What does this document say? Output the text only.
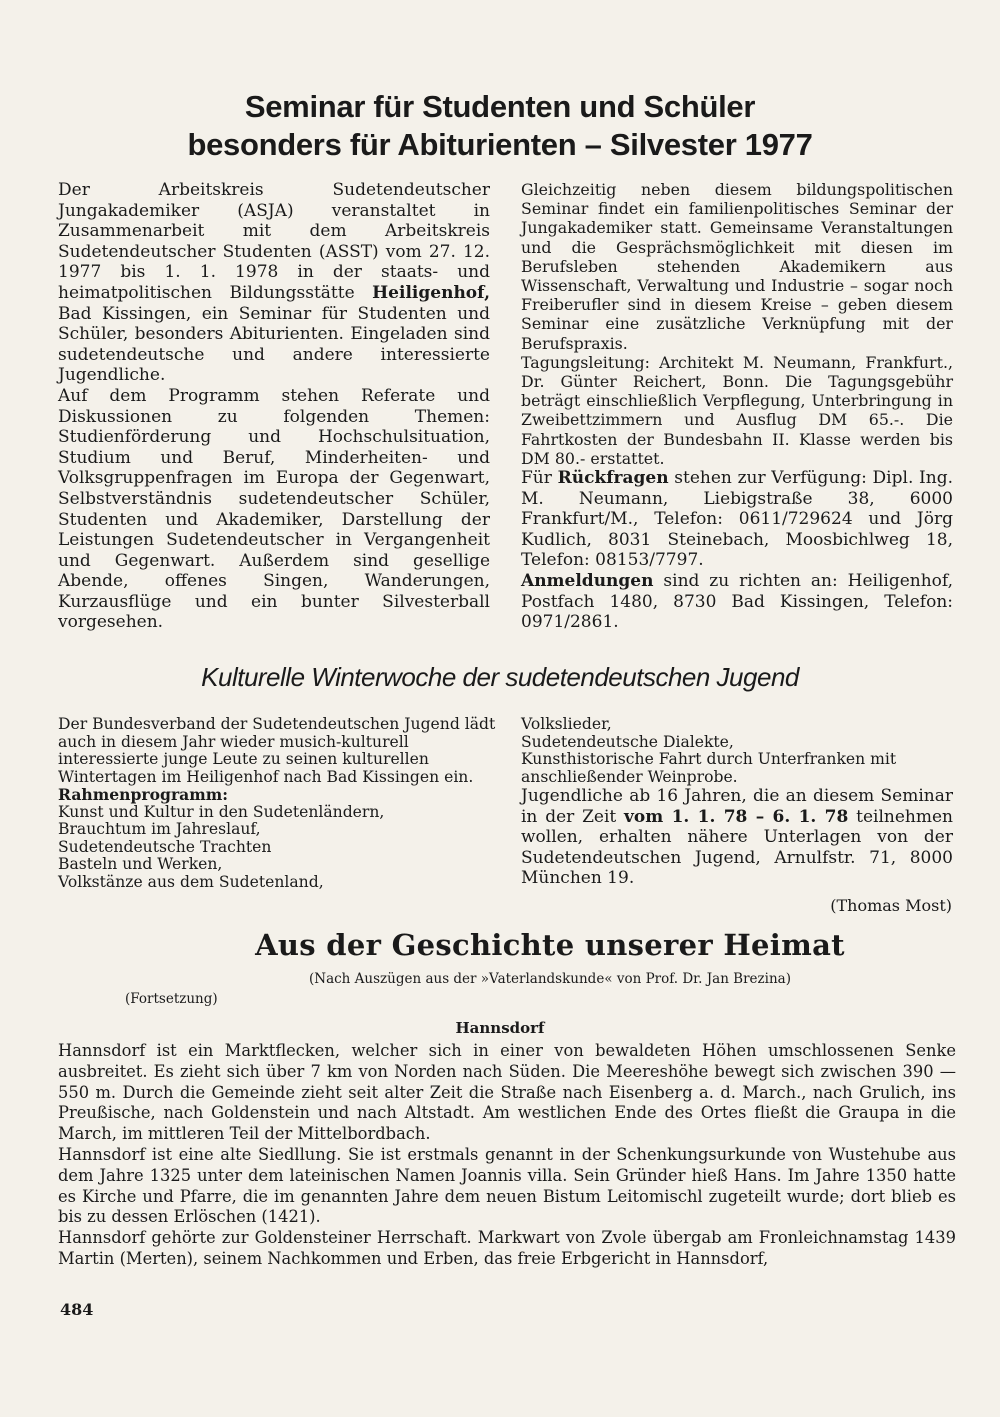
Seminar für Studenten und Schüler
besonders für Abiturienten – Silvester 1977

Der Arbeitskreis Sudetendeutscher Jungakademiker (ASJA) veranstaltet in Zusammenarbeit mit dem Arbeitskreis Sudetendeutscher Studenten (ASST) vom 27. 12. 1977 bis 1. 1. 1978 in der staats- und heimatpolitischen Bildungsstätte Heiligenhof, Bad Kissingen, ein Seminar für Studenten und Schüler, besonders Abiturienten. Eingeladen sind sudetendeutsche und andere interessierte Jugendliche.

Auf dem Programm stehen Referate und Diskussionen zu folgenden Themen: Studienförderung und Hochschulsituation, Studium und Beruf, Minderheiten- und Volksgruppenfragen im Europa der Gegenwart, Selbstverständnis sudetendeutscher Schüler, Studenten und Akademiker, Darstellung der Leistungen Sudetendeutscher in Vergangenheit und Gegenwart. Außerdem sind gesellige Abende, offenes Singen, Wanderungen, Kurzausflüge und ein bunter Silvesterball vorgesehen.

Gleichzeitig neben diesem bildungspolitischen Seminar findet ein familienpolitisches Seminar der Jungakademiker statt. Gemeinsame Veranstaltungen und die Gesprächsmöglichkeit mit diesen im Berufsleben stehenden Akademikern aus Wissenschaft, Verwaltung und Industrie – sogar noch Freiberufler sind in diesem Kreise – geben diesem Seminar eine zusätzliche Verknüpfung mit der Berufspraxis.

Tagungsleitung: Architekt M. Neumann, Frankfurt., Dr. Günter Reichert, Bonn. Die Tagungsgebühr beträgt einschließlich Verpflegung, Unterbringung in Zweibettzimmern und Ausflug DM 65.-. Die Fahrtkosten der Bundesbahn II. Klasse werden bis DM 80.- erstattet.

Für Rückfragen stehen zur Verfügung: Dipl. Ing. M. Neumann, Liebigstraße 38, 6000 Frankfurt/M., Telefon: 0611/729624 und Jörg Kudlich, 8031 Steinebach, Moosbichlweg 18, Telefon: 08153/7797.

Anmeldungen sind zu richten an: Heiligenhof, Postfach 1480, 8730 Bad Kissingen, Telefon: 0971/2861.

Kulturelle Winterwoche der sudetendeutschen Jugend

Der Bundesverband der Sudetendeutschen Jugend lädt auch in diesem Jahr wieder musich-kulturell interessierte junge Leute zu seinen kulturellen Wintertagen im Heiligenhof nach Bad Kissingen ein.

Rahmenprogramm:

Kunst und Kultur in den Sudetenländern,

Brauchtum im Jahreslauf,

Sudetendeutsche Trachten

Basteln und Werken,

Volkstänze aus dem Sudetenland,

Volkslieder,

Sudetendeutsche Dialekte,

Kunsthistorische Fahrt durch Unterfranken mit anschließender Weinprobe.

Jugendliche ab 16 Jahren, die an diesem Seminar in der Zeit vom 1. 1. 78 – 6. 1. 78 teilnehmen wollen, erhalten nähere Unterlagen von der Sudetendeutschen Jugend, Arnulfstr. 71, 8000 München 19.

(Thomas Most)
Aus der Geschichte unserer Heimat
(Nach Auszügen aus der »Vaterlandskunde« von Prof. Dr. Jan Brezina)
(Fortsetzung)
Hannsdorf

Hannsdorf ist ein Marktflecken, welcher sich in einer von bewaldeten Höhen umschlossenen Senke ausbreitet. Es zieht sich über 7 km von Norden nach Süden. Die Meereshöhe bewegt sich zwischen 390 — 550 m. Durch die Gemeinde zieht seit alter Zeit die Straße nach Eisenberg a. d. March., nach Grulich, ins Preußische, nach Goldenstein und nach Altstadt. Am westlichen Ende des Ortes fließt die Graupa in die March, im mittleren Teil der Mittelbordbach.

Hannsdorf ist eine alte Siedllung. Sie ist erstmals genannt in der Schenkungsurkunde von Wustehube aus dem Jahre 1325 unter dem lateinischen Namen Joannis villa. Sein Gründer hieß Hans. Im Jahre 1350 hatte es Kirche und Pfarre, die im genannten Jahre dem neuen Bistum Leitomischl zugeteilt wurde; dort blieb es bis zu dessen Erlöschen (1421).

Hannsdorf gehörte zur Goldensteiner Herrschaft. Markwart von Zvole übergab am Fronleichnamstag 1439 Martin (Merten), seinem Nachkommen und Erben, das freie Erbgericht in Hannsdorf,

484
